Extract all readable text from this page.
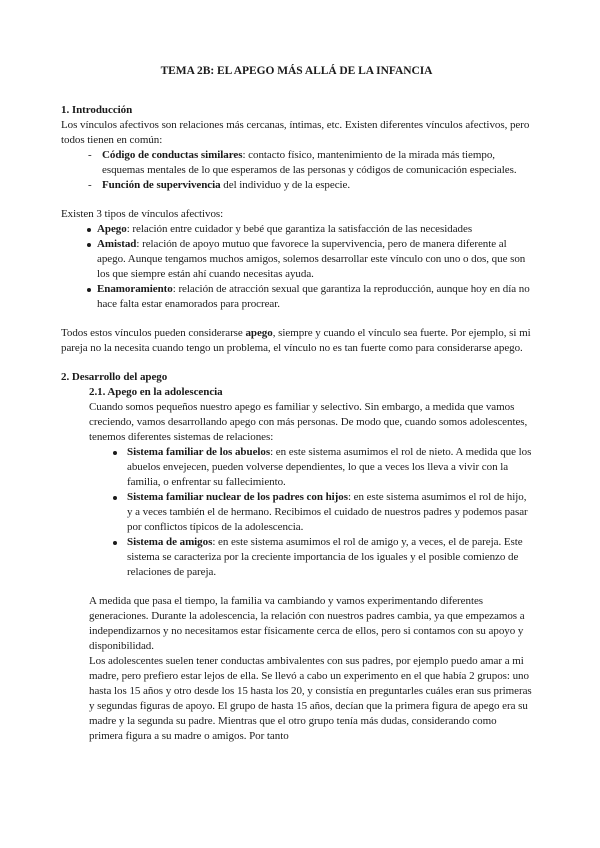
TEMA 2B: EL APEGO MÁS ALLÁ DE LA INFANCIA
1. Introducción

Los vínculos afectivos son relaciones más cercanas, íntimas, etc. Existen diferentes vínculos afectivos, pero todos tienen en común:

- Código de conductas similares: contacto físico, mantenimiento de la mirada más tiempo, esquemas mentales de lo que esperamos de las personas y códigos de comunicación especiales.
- Función de supervivencia del individuo y de la especie.

Existen 3 tipos de vínculos afectivos:

Apego: relación entre cuidador y bebé que garantiza la satisfacción de las necesidades
Amistad: relación de apoyo mutuo que favorece la supervivencia, pero de manera diferente al apego. Aunque tengamos muchos amigos, solemos desarrollar este vínculo con uno o dos, que son los que siempre están ahí cuando necesitas ayuda.
Enamoramiento: relación de atracción sexual que garantiza la reproducción, aunque hoy en día no hace falta estar enamorados para procrear.

Todos estos vínculos pueden considerarse apego, siempre y cuando el vínculo sea fuerte. Por ejemplo, si mi pareja no la necesita cuando tengo un problema, el vínculo no es tan fuerte como para considerarse apego.

2. Desarrollo del apego
2.1. Apego en la adolescencia

Cuando somos pequeños nuestro apego es familiar y selectivo. Sin embargo, a medida que vamos creciendo, vamos desarrollando apego con más personas. De modo que, cuando somos adolescentes, tenemos diferentes sistemas de relaciones:

Sistema familiar de los abuelos: en este sistema asumimos el rol de nieto. A medida que los abuelos envejecen, pueden volverse dependientes, lo que a veces los lleva a vivir con la familia, o enfrentar su fallecimiento.
Sistema familiar nuclear de los padres con hijos: en este sistema asumimos el rol de hijo, y a veces también el de hermano. Recibimos el cuidado de nuestros padres y podemos pasar por conflictos típicos de la adolescencia.
Sistema de amigos: en este sistema asumimos el rol de amigo y, a veces, el de pareja. Este sistema se caracteriza por la creciente importancia de los iguales y el posible comienzo de relaciones de pareja.

A medida que pasa el tiempo, la familia va cambiando y vamos experimentando diferentes generaciones. Durante la adolescencia, la relación con nuestros padres cambia, ya que empezamos a independizarnos y no necesitamos estar físicamente cerca de ellos, pero si contamos con su apoyo y disponibilidad.

Los adolescentes suelen tener conductas ambivalentes con sus padres, por ejemplo puedo amar a mi madre, pero prefiero estar lejos de ella. Se llevó a cabo un experimento en el que había 2 grupos: uno hasta los 15 años y otro desde los 15 hasta los 20, y consistía en preguntarles cuáles eran sus primeras y segundas figuras de apoyo. El grupo de hasta 15 años, decían que la primera figura de apego era su madre y la segunda su padre. Mientras que el otro grupo tenía más dudas, considerando como primera figura a su madre o amigos. Por tanto
